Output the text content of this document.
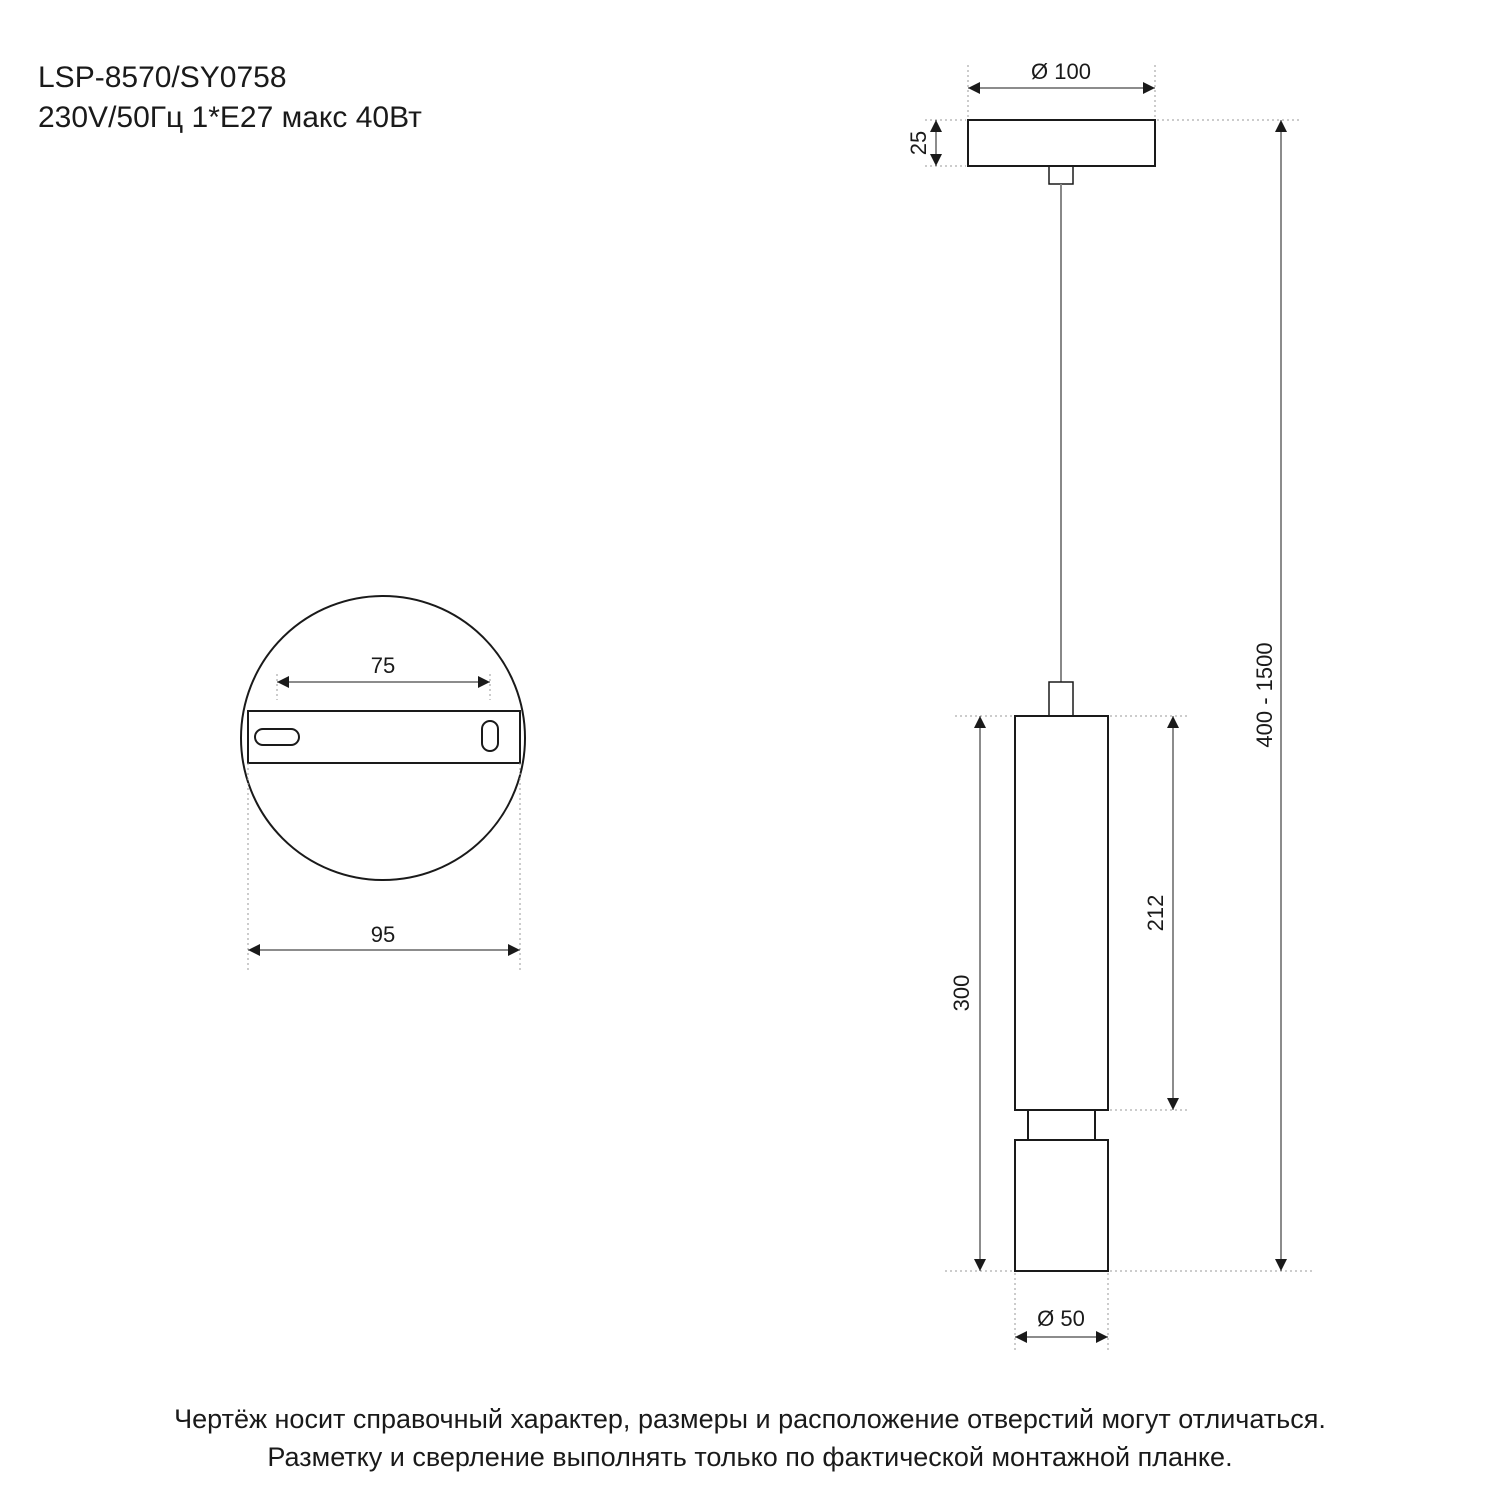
LSP-8570/SY0758
230V/50Гц 1*E27 макс 40Вт
75
95
Ø 100
25
400 - 1500
212
300
Ø 50
Чертёж носит справочный характер, размеры и расположение отверстий могут отличаться.
Разметку и сверление выполнять только по фактической монтажной планке.
